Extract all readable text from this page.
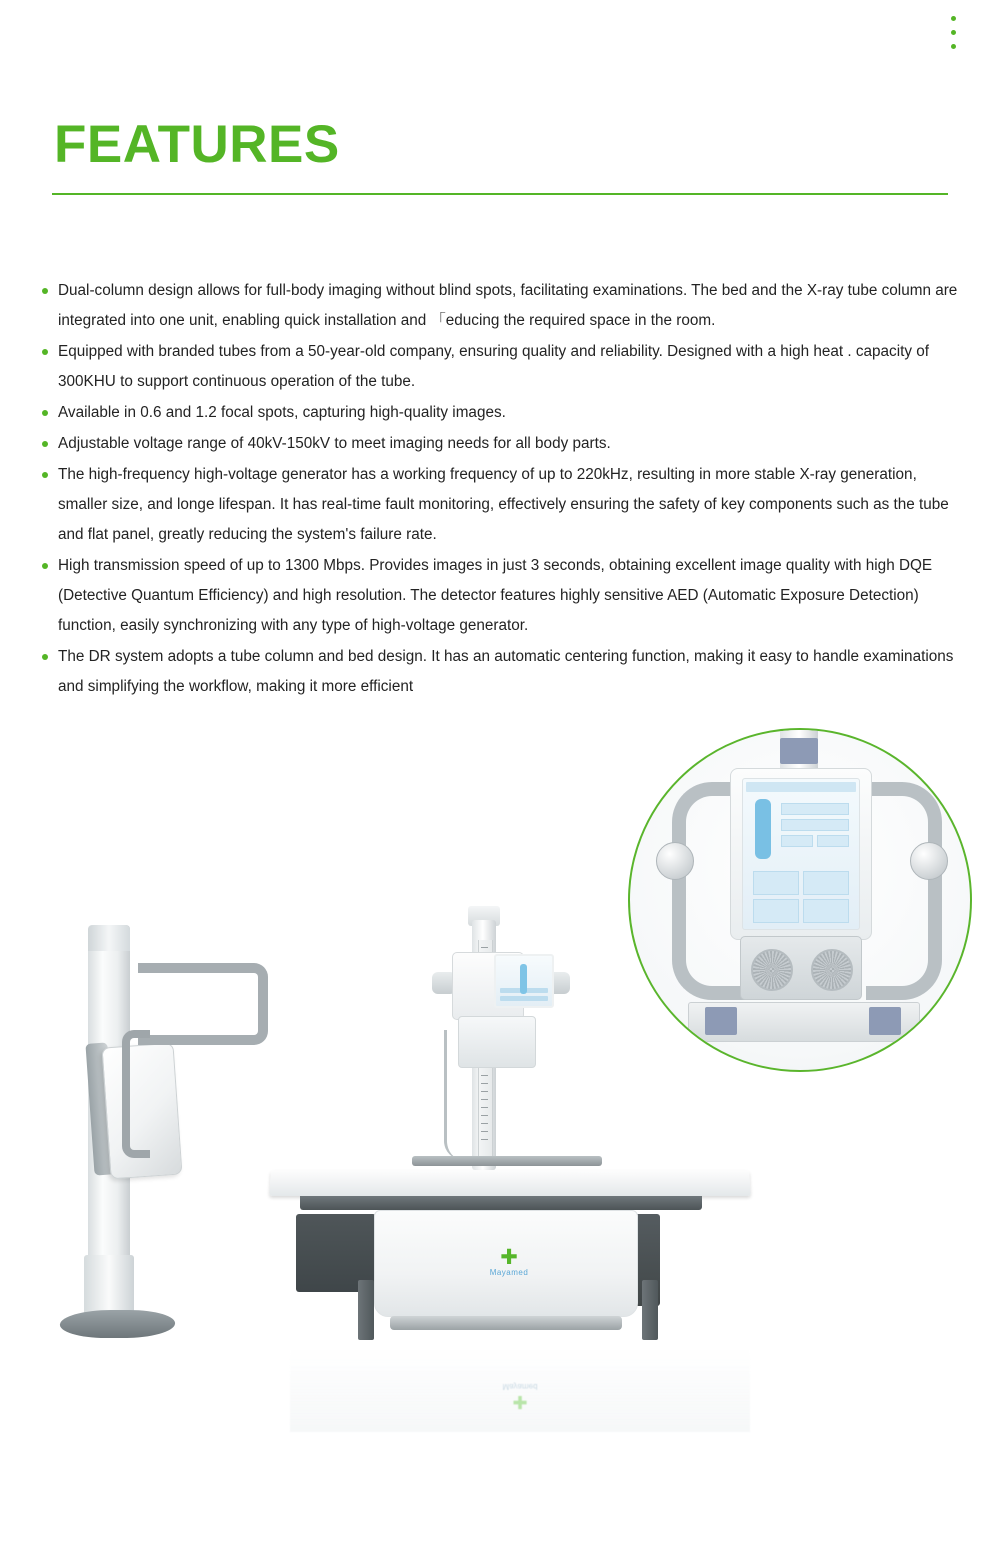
FEATURES

Dual-column design allows for full-body imaging without blind spots, facilitating examinations. The bed and the X-ray tube column are integrated into one unit, enabling quick installation and 「educing the required space in the room.

Equipped with branded tubes from a 50-year-old company, ensuring quality and reliability. Designed with a high heat . capacity of 300KHU to support continuous operation of the tube.

Available in 0.6 and 1.2 focal spots, capturing high-quality images.

Adjustable voltage range of 40kV-150kV to meet imaging needs for all body parts.

The high-frequency high-voltage generator has a working frequency of up to 220kHz, resulting in more stable X-ray generation, smaller size, and longe lifespan. It has real-time fault monitoring, effectively ensuring the safety of key components such as the tube and flat panel, greatly reducing the system's failure rate.

High transmission speed of up to 1300 Mbps. Provides images in just 3 seconds, obtaining excellent image quality with high DQE (Detective Quantum Efficiency) and high resolution. The detector features highly sensitive AED (Automatic Exposure Detection) function, easily synchronizing with any type of high-voltage generator.

The DR system adopts a tube column and bed design. It has an automatic centering function, making it easy to handle examinations and simplifying the workflow, making it more efficient

✚
Mayamed
✚
Mayamed
